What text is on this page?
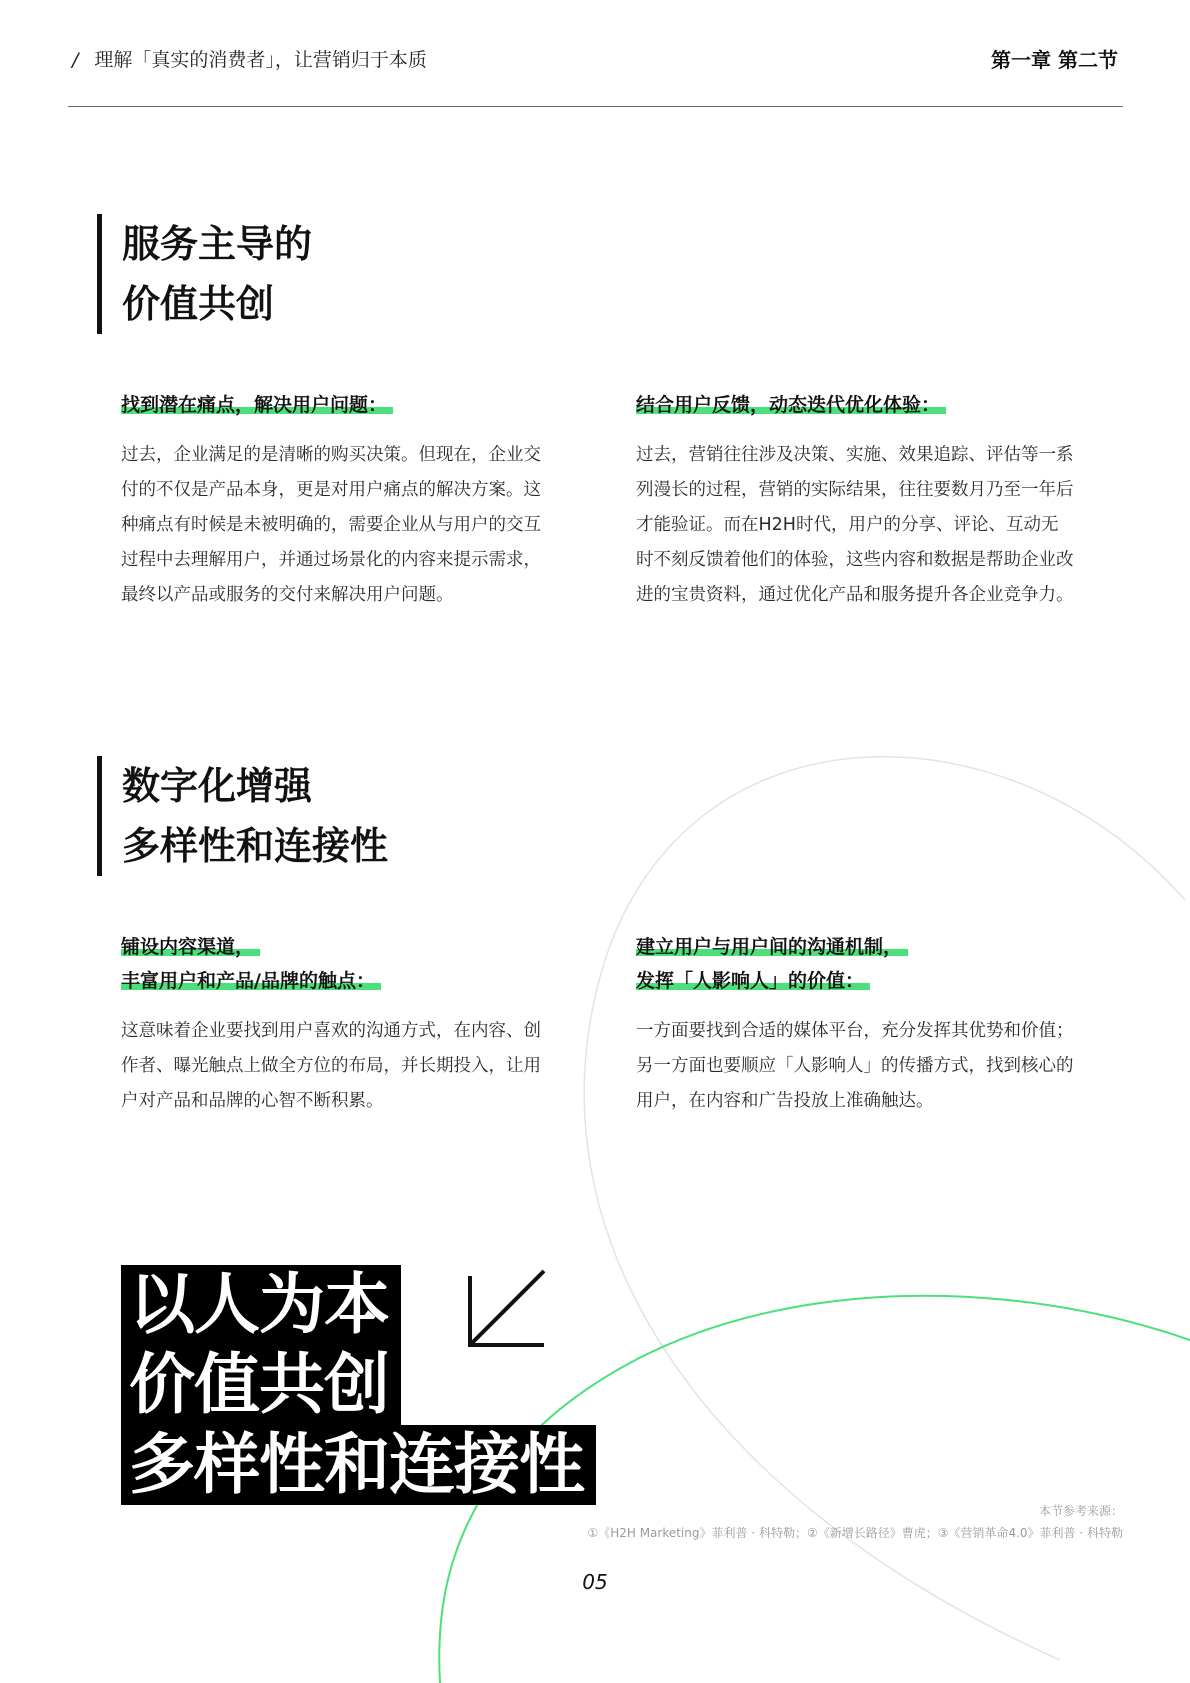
/ 理解「真实的消费者」，让营销归于本质	第一章 第二节
服务主导的
价值共创
找到潜在痛点，解决用户问题：
过去，企业满足的是清晰的购买决策。但现在，企业交
付的不仅是产品本身，更是对用户痛点的解决方案。这
种痛点有时候是未被明确的，需要企业从与用户的交互
过程中去理解用户，并通过场景化的内容来提示需求，
最终以产品或服务的交付来解决用户问题。
结合用户反馈，动态迭代优化体验：
过去，营销往往涉及决策、实施、效果追踪、评估等一系
列漫长的过程，营销的实际结果，往往要数月乃至一年后
才能验证。而在H2H时代，用户的分享、评论、互动无
时不刻反馈着他们的体验，这些内容和数据是帮助企业改
进的宝贵资料，通过优化产品和服务提升各企业竞争力。
数字化增强
多样性和连接性
铺设内容渠道，
丰富用户和产品/品牌的触点：
这意味着企业要找到用户喜欢的沟通方式，在内容、创
作者、曝光触点上做全方位的布局，并长期投入，让用
户对产品和品牌的心智不断积累。
建立用户与用户间的沟通机制，
发挥「人影响人」的价值：
一方面要找到合适的媒体平台，充分发挥其优势和价值；
另一方面也要顺应「人影响人」的传播方式，找到核心的
用户，在内容和广告投放上准确触达。
以人为本
价值共创
多样性和连接性
本节参考来源：
①《H2H Marketing》菲利普 · 科特勒；②《新增长路径》曹虎；③《营销革命4.0》菲利普 · 科特勒
05
